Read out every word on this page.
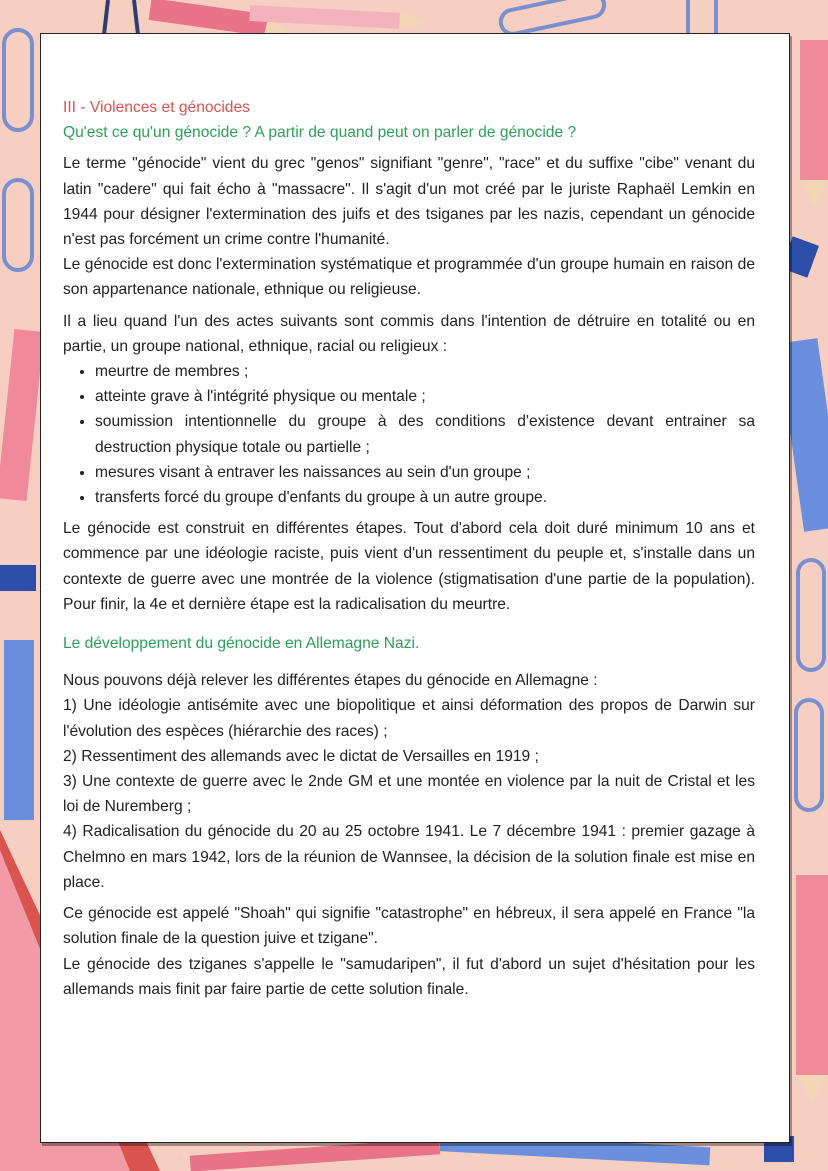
III - Violences et génocides

Qu'est ce qu'un génocide ? A partir de quand peut on parler de génocide ?

Le terme "génocide" vient du grec "genos" signifiant "genre", "race" et du suffixe "cibe" venant du latin "cadere" qui fait écho à "massacre". Il s'agit d'un mot créé par le juriste Raphaël Lemkin en 1944 pour désigner l'extermination des juifs et des tsiganes par les nazis, cependant un génocide n'est pas forcément un crime contre l'humanité.

Le génocide est donc l'extermination systématique et programmée d'un groupe humain en raison de son appartenance nationale, ethnique ou religieuse.

Il a lieu quand l'un des actes suivants sont commis dans l'intention de détruire en totalité ou en partie, un groupe national, ethnique, racial ou religieux :

• meurtre de membres ;
• atteinte grave à l'intégrité physique ou mentale ;
• soumission intentionnelle du groupe à des conditions d'existence devant entrainer sa destruction physique totale ou partielle ;
• mesures visant à entraver les naissances au sein d'un groupe ;
• transferts forcé du groupe d'enfants du groupe à un autre groupe.

Le génocide est construit en différentes étapes. Tout d'abord cela doit duré minimum 10 ans et commence par une idéologie raciste, puis vient d'un ressentiment du peuple et, s'installe dans un contexte de guerre avec une montrée de la violence (stigmatisation d'une partie de la population). Pour finir, la 4e et dernière étape est la radicalisation du meurtre.

Le développement du génocide en Allemagne Nazi.

Nous pouvons déjà relever les différentes étapes du génocide en Allemagne :

1) Une idéologie antisémite avec une biopolitique et ainsi déformation des propos de Darwin sur l'évolution des espèces (hiérarchie des races) ;

2) Ressentiment des allemands avec le dictat de Versailles en 1919 ;

3) Une contexte de guerre avec le 2nde GM et une montée en violence par la nuit de Cristal et les loi de Nuremberg ;

4) Radicalisation du génocide du 20 au 25 octobre 1941. Le 7 décembre 1941 : premier gazage à Chelmno en mars 1942, lors de la réunion de Wannsee, la décision de la solution finale est mise en place.

Ce génocide est appelé "Shoah" qui signifie "catastrophe" en hébreux, il sera appelé en France "la solution finale de la question juive et tzigane".

Le génocide des tziganes s'appelle le "samudaripen", il fut d'abord un sujet d'hésitation pour les allemands mais finit par faire partie de cette solution finale.
